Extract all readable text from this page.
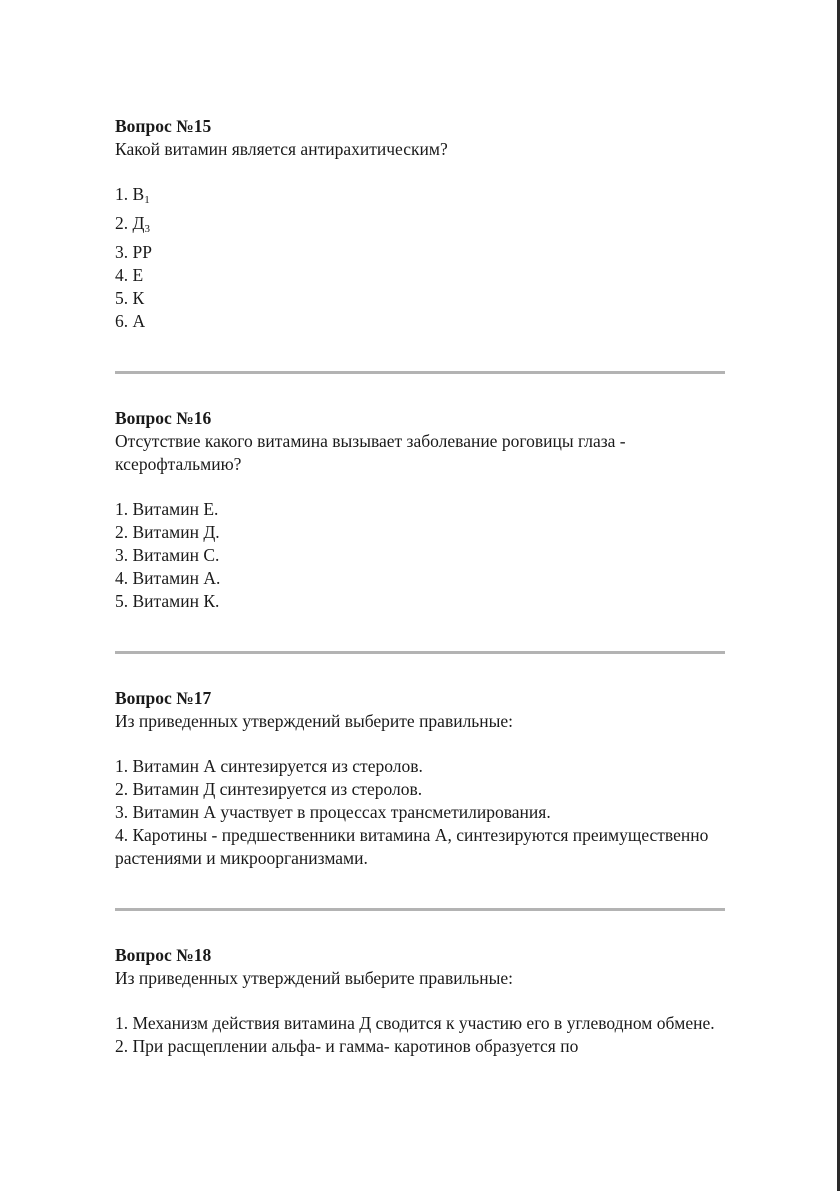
Вопрос №15

Какой витамин является антирахитическим?

1. $В_1$
2. $Д_3$
3. PP
4. Е
5. К
6. А

Вопрос №16

Отсутствие какого витамина вызывает заболевание роговицы глаза - ксерофтальмию?

1. Витамин Е.
2. Витамин Д.
3. Витамин С.
4. Витамин А.
5. Витамин К.

Вопрос №17

Из приведенных утверждений выберите правильные:

1. Витамин А синтезируется из стеролов.
2. Витамин Д синтезируется из стеролов.
3. Витамин А участвует в процессах трансметилирования.
4. Каротины - предшественники витамина А, синтезируются преимущественно растениями и микроорганизмами.

Вопрос №18

Из приведенных утверждений выберите правильные:

1. Механизм действия витамина Д сводится к участию его в углеводном обмене.
2. При расщеплении альфа- и гамма- каротинов образуется по
